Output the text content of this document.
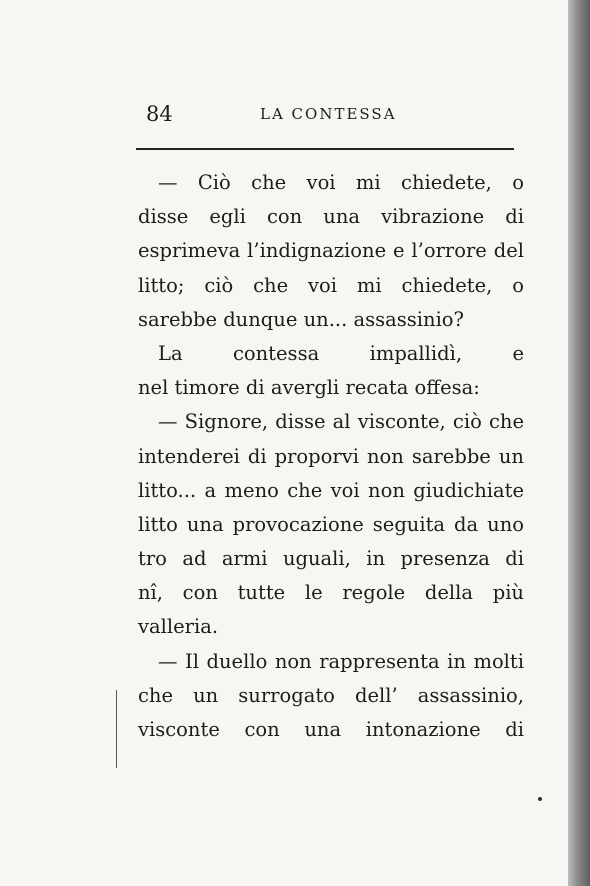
84	LA CONTESSA
— Ciò che voi mi chiedete, o
disse egli con una vibrazione di
esprimeva l’indignazione e l’orrore del
litto; ciò che voi mi chiedete, o
sarebbe dunque un... assassinio?
La contessa impallidì, e
nel timore di avergli recata offesa:
— Signore, disse al visconte, ciò che
intenderei di proporvi non sarebbe un
litto... a meno che voi non giudichiate
litto una provocazione seguita da uno
tro ad armi uguali, in presenza di
nî, con tutte le regole della più
valleria.
— Il duello non rappresenta in molti
che un surrogato dell’ assassinio,
visconte con una intonazione di
